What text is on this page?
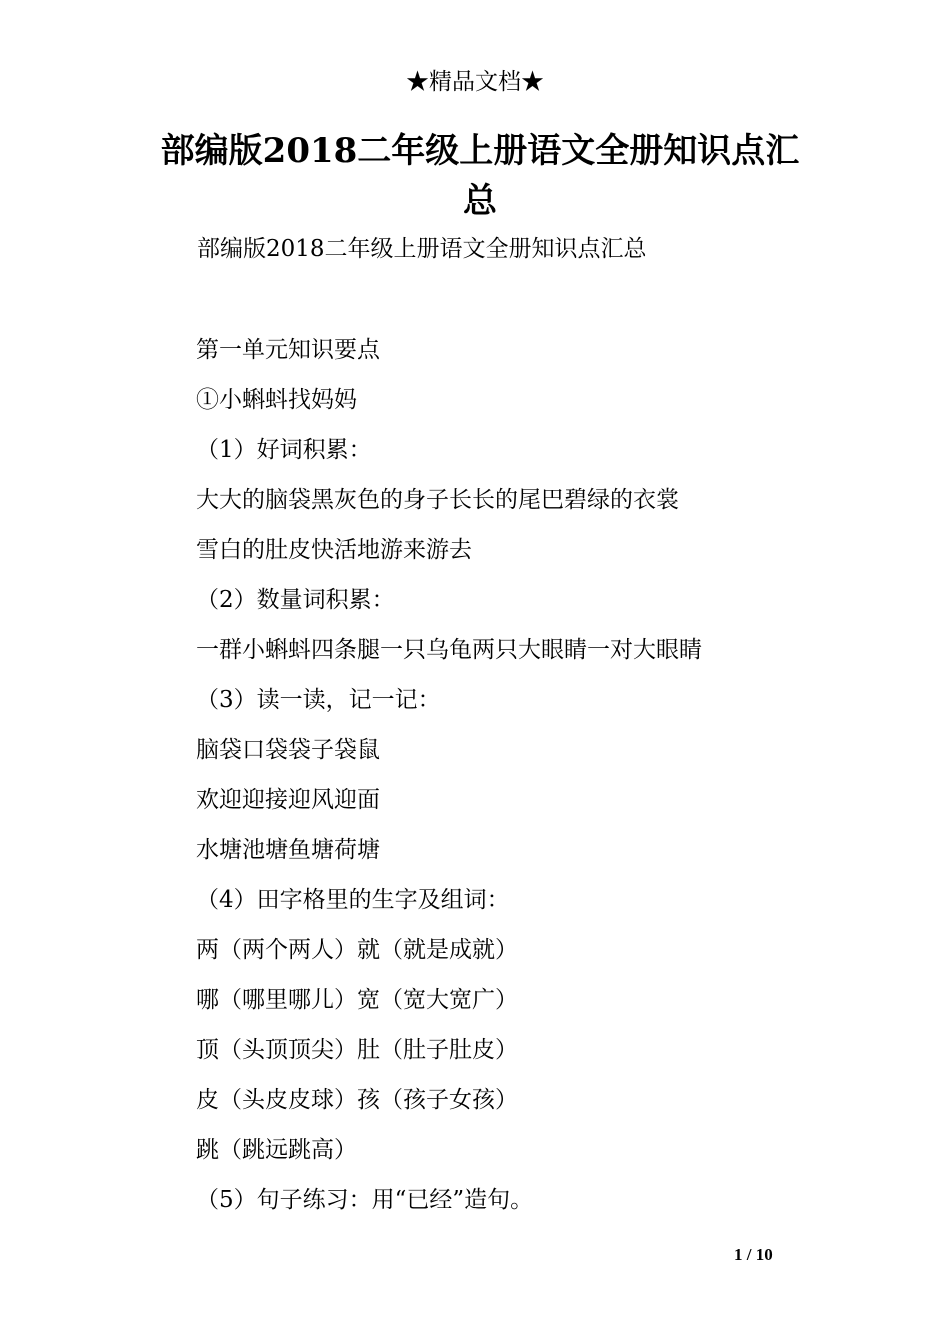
★精品文档★
部编版2018二年级上册语文全册知识点汇总
部编版2018二年级上册语文全册知识点汇总
第一单元知识要点
①小蝌蚪找妈妈
（1）好词积累：
大大的脑袋黑灰色的身子长长的尾巴碧绿的衣裳
雪白的肚皮快活地游来游去
（2）数量词积累：
一群小蝌蚪四条腿一只乌龟两只大眼睛一对大眼睛
（3）读一读，记一记：
脑袋口袋袋子袋鼠
欢迎迎接迎风迎面
水塘池塘鱼塘荷塘
（4）田字格里的生字及组词：
两（两个两人）就（就是成就）
哪（哪里哪儿）宽（宽大宽广）
顶（头顶顶尖）肚（肚子肚皮）
皮（头皮皮球）孩（孩子女孩）
跳（跳远跳高）
（5）句子练习：用“已经”造句。
1 / 10
